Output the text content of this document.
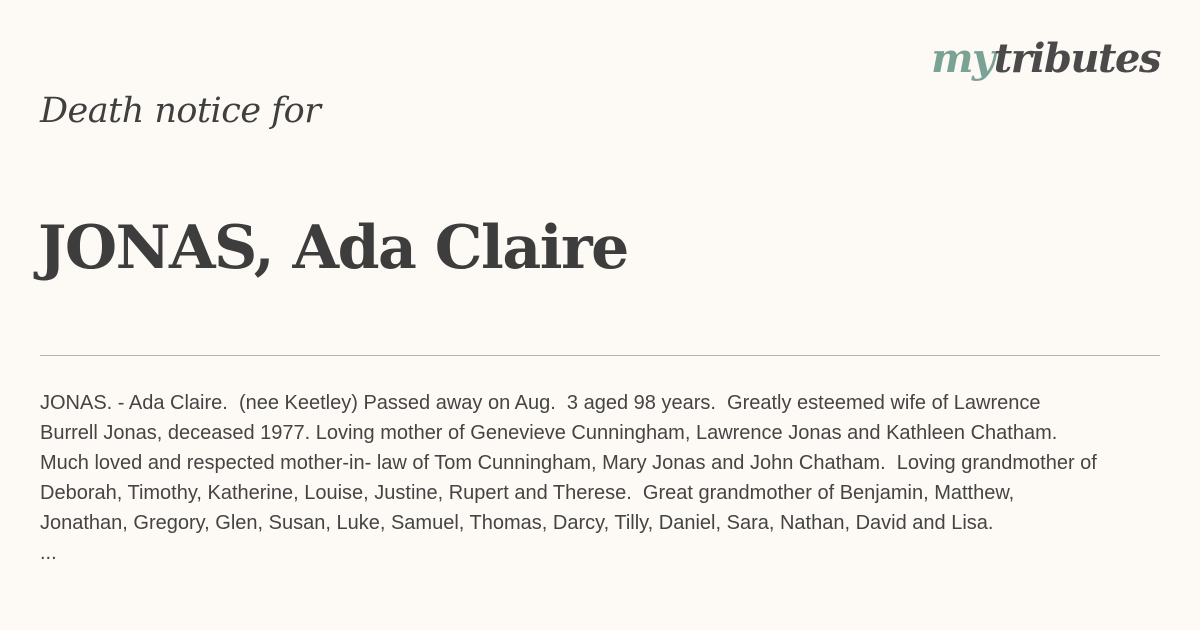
mytributes
Death notice for
JONAS, Ada Claire
JONAS. - Ada Claire.  (nee Keetley) Passed away on Aug.  3 aged 98 years.  Greatly esteemed wife of Lawrence
Burrell Jonas, deceased 1977. Loving mother of Genevieve Cunningham, Lawrence Jonas and Kathleen Chatham.
Much loved and respected mother-in- law of Tom Cunningham, Mary Jonas and John Chatham.  Loving grandmother of
Deborah, Timothy, Katherine, Louise, Justine, Rupert and Therese.  Great grandmother of Benjamin, Matthew,
Jonathan, Gregory, Glen, Susan, Luke, Samuel, Thomas, Darcy, Tilly, Daniel, Sara, Nathan, David and Lisa.
...
